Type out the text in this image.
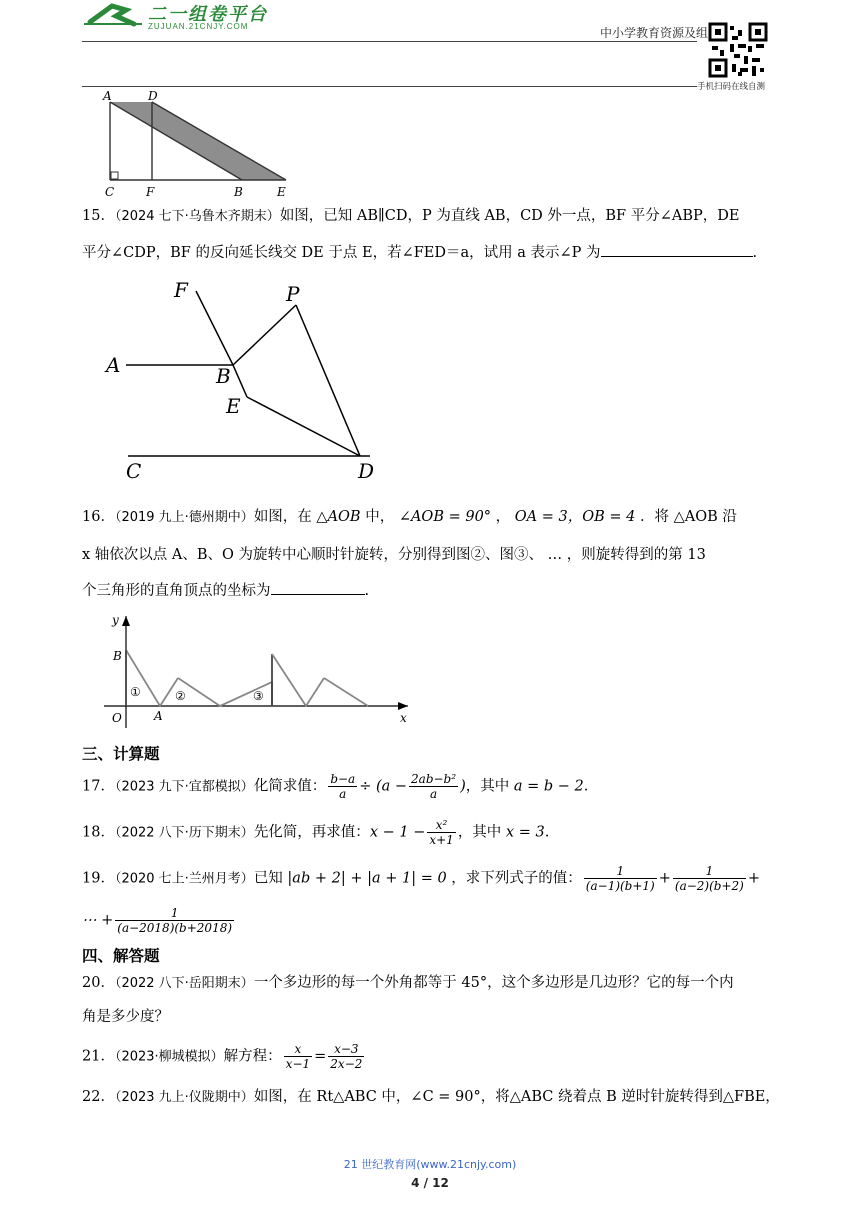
二一组卷平台
ZUJUAN.21CNJY.COM	中小学教育资源及组
手机扫码在线自测
A	D
C	F	B	E
15．（2024 七下·乌鲁木齐期末）如图，已知 AB∥CD，P 为直线 AB，CD 外一点，BF 平分∠ABP，DE
平分∠CDP，BF 的反向延长线交 DE 于点 E，若∠FED＝a，试用 a 表示∠P 为	.
F	P
A	B
E
C	D
16．（2019 九上·德州期中）如图，在 △AOB 中， ∠AOB = 90° ， OA = 3，OB = 4 ．将 △AOB 沿
x 轴依次以点 A、B、O 为旋转中心顺时针旋转，分别得到图②、图③、 … ，则旋转得到的第 13
个三角形的直角顶点的坐标为	.
y
x
O	A
B
①	②	③
三、计算题
17．（2023 九下·宜都模拟）化简求值： $\frac{b-a}{a} \div (a - \frac{\text{2ab−b²}}{a}$ )，其中 a = b − 2.
18．（2022 八下·历下期末）先化简，再求值：$x - 1 - \frac{\text{x²}}{x+1}$ ，其中 x = 3.
19．（2020 七上·兰州月考）已知 |ab + 2| + |a + 1| = 0 ，求下列式子的值： $\frac{1}{(a-1)(b+1)} + \frac{1}{(a-2)(b+2)}$ +
⋯ + $\frac{1}{(a-2018)(b+2018)}$
四、解答题
20．（2022 八下·岳阳期末）一个多边形的每一个外角都等于 45°，这个多边形是几边形？它的每一个内
角是多少度？
21．（2023·柳城模拟）解方程： $\frac{x}{x-1} = \frac{x-3}{2x-2}$
22．（2023 九上·仪陇期中）如图，在 Rt△ABC 中，∠C = 90°，将△ABC 绕着点 B 逆时针旋转得到△FBE，
21 世纪教育网(www.21cnjy.com)
4 / 12
